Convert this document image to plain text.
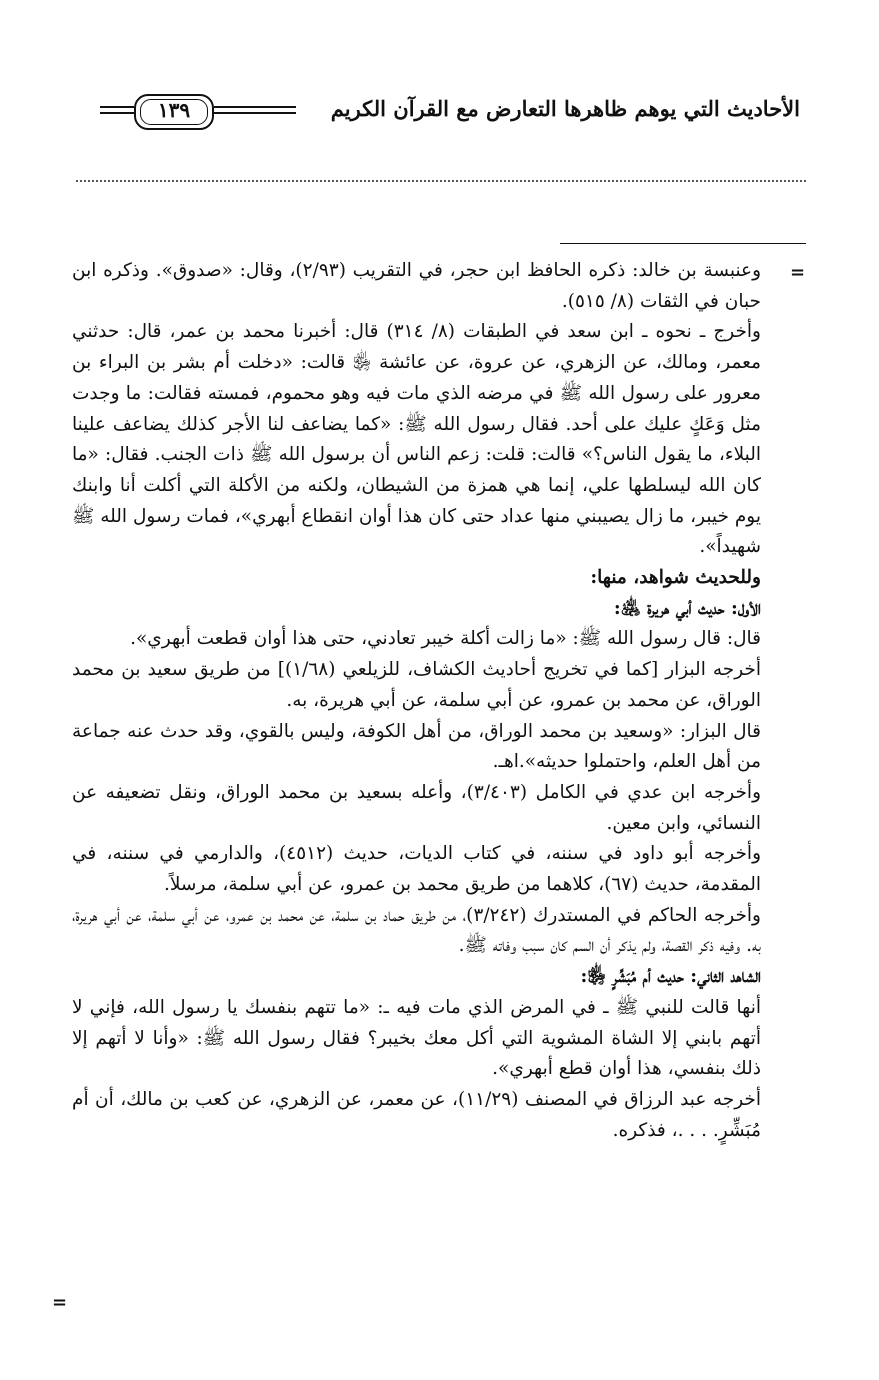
الأحاديث التي يوهم ظاهرها التعارض مع القرآن الكريم
١٣٩
=
=

وعنبسة بن خالد: ذكره الحافظ ابن حجر، في التقريب (٢/٩٣)، وقال: «صدوق». وذكره ابن حبان في الثقات (٨/ ٥١٥).

وأخرج ـ نحوه ـ ابن سعد في الطبقات (٨/ ٣١٤) قال: أخبرنا محمد بن عمر، قال: حدثني معمر، ومالك، عن الزهري، عن عروة، عن عائشة ﵂ قالت: «دخلت أم بشر بن البراء بن معرور على رسول الله ﷺ في مرضه الذي مات فيه وهو محموم، فمسته فقالت: ما وجدت مثل وَعَكٍ عليك على أحد. فقال رسول الله ﷺ: «كما يضاعف لنا الأجر كذلك يضاعف علينا البلاء، ما يقول الناس؟» قالت: قلت: زعم الناس أن برسول الله ﷺ ذات الجنب. فقال: «ما كان الله ليسلطها علي، إنما هي همزة من الشيطان، ولكنه من الأكلة التي أكلت أنا وابنك يوم خيبر، ما زال يصيبني منها عداد حتى كان هذا أوان انقطاع أبهري»، فمات رسول الله ﷺ شهيداً».

وللحديث شواهد، منها:

الأول: حديث أبي هريرة ﵁:

قال: قال رسول الله ﷺ: «ما زالت أكلة خيبر تعادني، حتى هذا أوان قطعت أبهري».

أخرجه البزار [كما في تخريج أحاديث الكشاف، للزيلعي (١/٦٨)] من طريق سعيد بن محمد الوراق، عن محمد بن عمرو، عن أبي سلمة، عن أبي هريرة، به.

قال البزار: «وسعيد بن محمد الوراق، من أهل الكوفة، وليس بالقوي، وقد حدث عنه جماعة من أهل العلم، واحتملوا حديثه».اهـ.

وأخرجه ابن عدي في الكامل (٣/٤٠٣)، وأعله بسعيد بن محمد الوراق، ونقل تضعيفه عن النسائي، وابن معين.

وأخرجه أبو داود في سننه، في كتاب الديات، حديث (٤٥١٢)، والدارمي في سننه، في المقدمة، حديث (٦٧)، كلاهما من طريق محمد بن عمرو، عن أبي سلمة، مرسلاً.

وأخرجه الحاكم في المستدرك (٣/٢٤٢)، من طريق حماد بن سلمة، عن محمد بن عمرو، عن أبي سلمة، عن أبي هريرة، به. وفيه ذكر القصة، ولم يذكر أن السم كان سبب وفاته ﷺ.

الشاهد الثاني: حديث أم مُبَشِّرٍ ﵂:

أنها قالت للنبي ﷺ ـ في المرض الذي مات فيه ـ: «ما تتهم بنفسك يا رسول الله، فإني لا أتهم بابني إلا الشاة المشوية التي أكل معك بخيبر؟ فقال رسول الله ﷺ: «وأنا لا أتهم إلا ذلك بنفسي، هذا أوان قطع أبهري».

أخرجه عبد الرزاق في المصنف (١١/٢٩)، عن معمر، عن الزهري، عن كعب بن مالك، أن أم مُبَشِّرٍ. . . .، فذكره.
